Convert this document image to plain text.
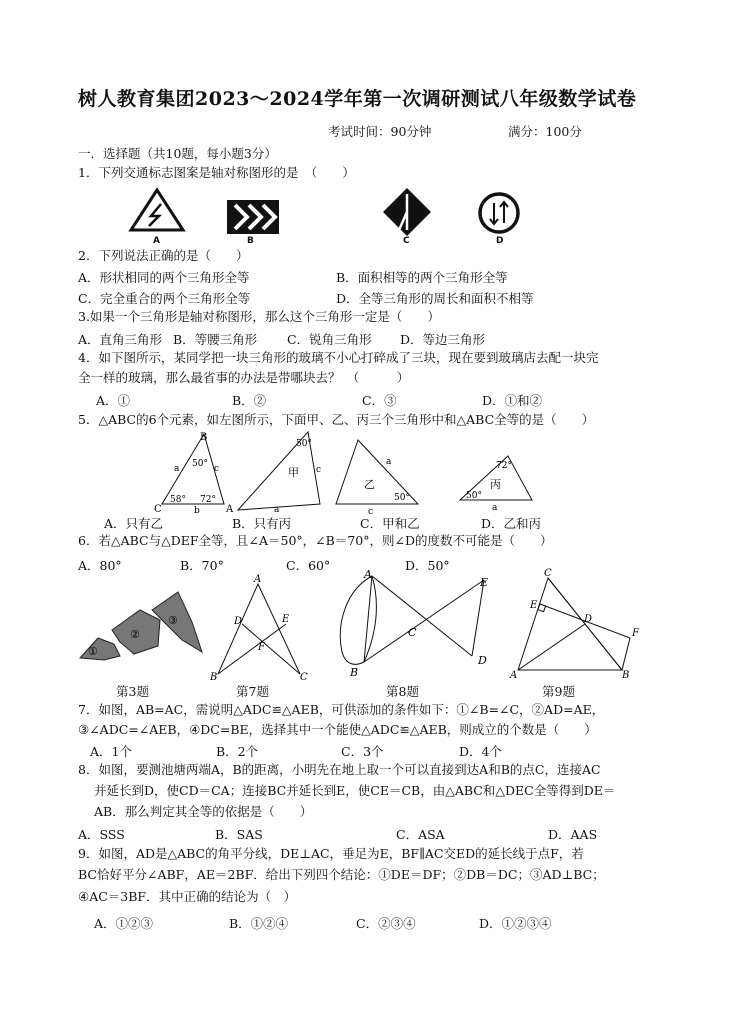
树人教育集团2023～2024学年第一次调研测试八年级数学试卷
考试时间：90分钟	满分：100分
一．选择题（共10题，每小题3分）
1．下列交通标志图案是轴对称图形的是　（　　）
A	B	C	D
2．下列说法正确的是（　　）
A．形状相同的两个三角形全等	B．面积相等的两个三角形全等
C．完全重合的两个三角形全等	D．全等三角形的周长和面积不相等
3.如果一个三角形是轴对称图形，那么这个三角形一定是（　　）
A．直角三角形 B．等腰三角形 C．锐角三角形 D．等边三角形
4．如下图所示，某同学把一块三角形的玻璃不小心打碎成了三块，现在要到玻璃店去配一块完
全一样的玻璃，那么最省事的办法是带哪块去？　（　　　）
A．①	B．②	C．③	D．①和②
5．△ABC的6个元素，如左图所示，下面甲、乙、丙三个三角形中和△ABC全等的是（　　）
B
C	A
a	c
b
50°
58° 72°
甲
50°
c
a
乙
a
50°
c
丙
72°
50°
a
A．只有乙	B．只有丙	C．甲和乙	D．乙和丙
6．若△ABC与△DEF全等，且∠A＝50°，∠B＝70°，则∠D的度数不可能是（　　）
A．80°	B．70°	C．60°	D．50°
①
②
③
A
D	E
F
B	C
A
B
C
D
E
C
E
D
F
A	B
第3题	第7题	第8题	第9题
7．如图，AB=AC，需说明△ADC≌△AEB，可供添加的条件如下：①∠B=∠C，②AD=AE，
③∠ADC=∠AEB，④DC=BE，选择其中一个能使△ADC≌△AEB，则成立的个数是（　　）
A．1个	B．2个	C．3个	D．4个
8．如图，要测池塘两端A，B的距离，小明先在地上取一个可以直接到达A和B的点C，连接AC
并延长到D，使CD＝CA；连接BC并延长到E，使CE＝CB，由△ABC和△DEC全等得到DE＝
AB．那么判定其全等的依据是（　　）
A．SSS	B．SAS	C．ASA	D．AAS
9．如图，AD是△ABC的角平分线，DE⊥AC，垂足为E，BF∥AC交ED的延长线于点F，若
BC恰好平分∠ABF，AE＝2BF．给出下列四个结论：①DE＝DF；②DB＝DC；③AD⊥BC；
④AC＝3BF．其中正确的结论为（　）
A．①②③	B．①②④	C．②③④	D．①②③④
